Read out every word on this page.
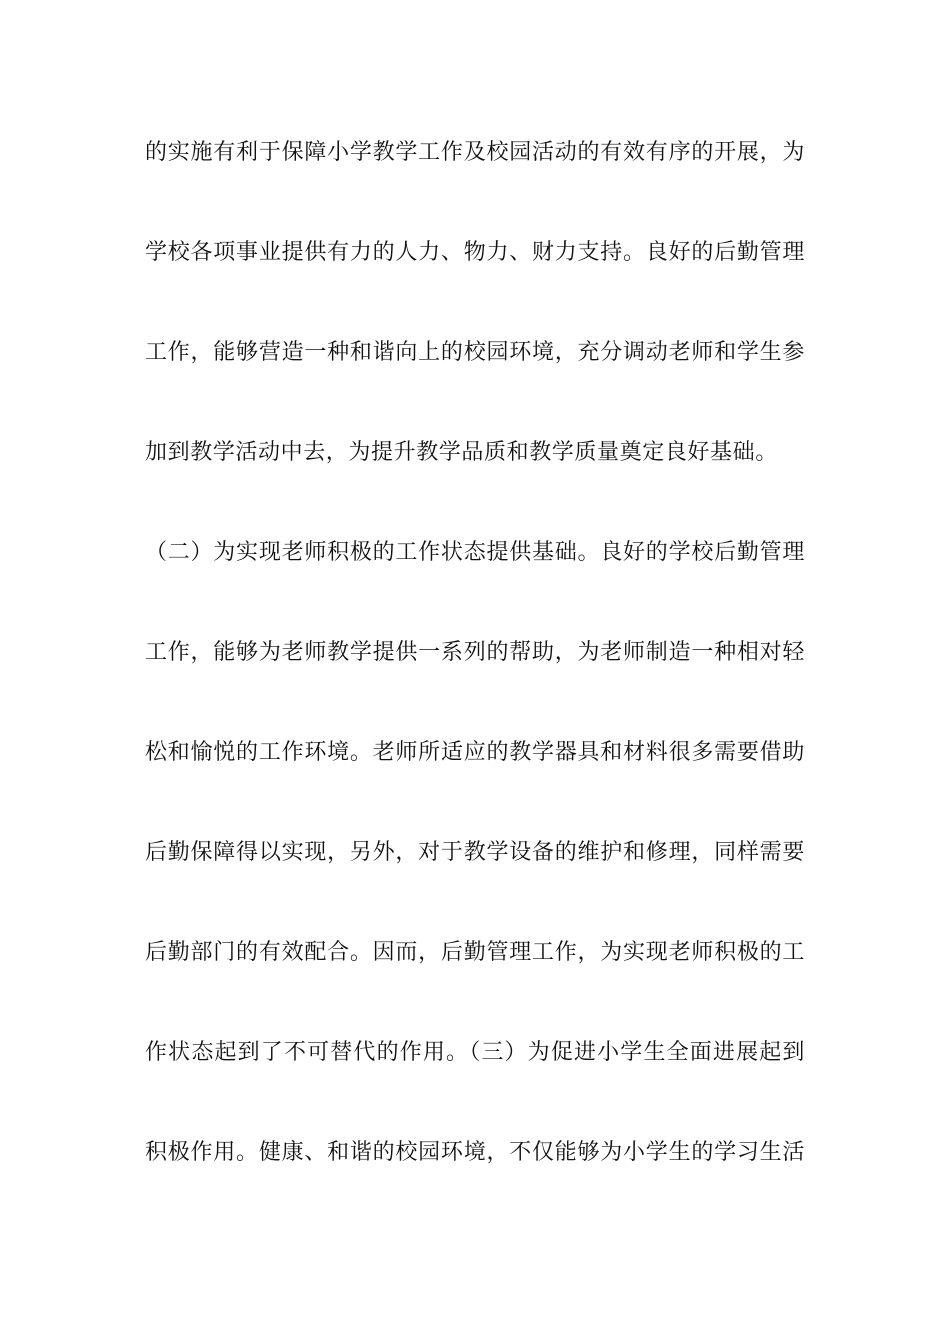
的实施有利于保障小学教学工作及校园活动的有效有序的开展，为
学校各项事业提供有力的人力、物力、财力支持。良好的后勤管理
工作，能够营造一种和谐向上的校园环境，充分调动老师和学生参
加到教学活动中去，为提升教学品质和教学质量奠定良好基础。
（二）为实现老师积极的工作状态提供基础。良好的学校后勤管理
工作，能够为老师教学提供一系列的帮助，为老师制造一种相对轻
松和愉悦的工作环境。老师所适应的教学器具和材料很多需要借助
后勤保障得以实现，另外，对于教学设备的维护和修理，同样需要
后勤部门的有效配合。因而，后勤管理工作，为实现老师积极的工
作状态起到了不可替代的作用。（三）为促进小学生全面进展起到
积极作用。健康、和谐的校园环境，不仅能够为小学生的学习生活
